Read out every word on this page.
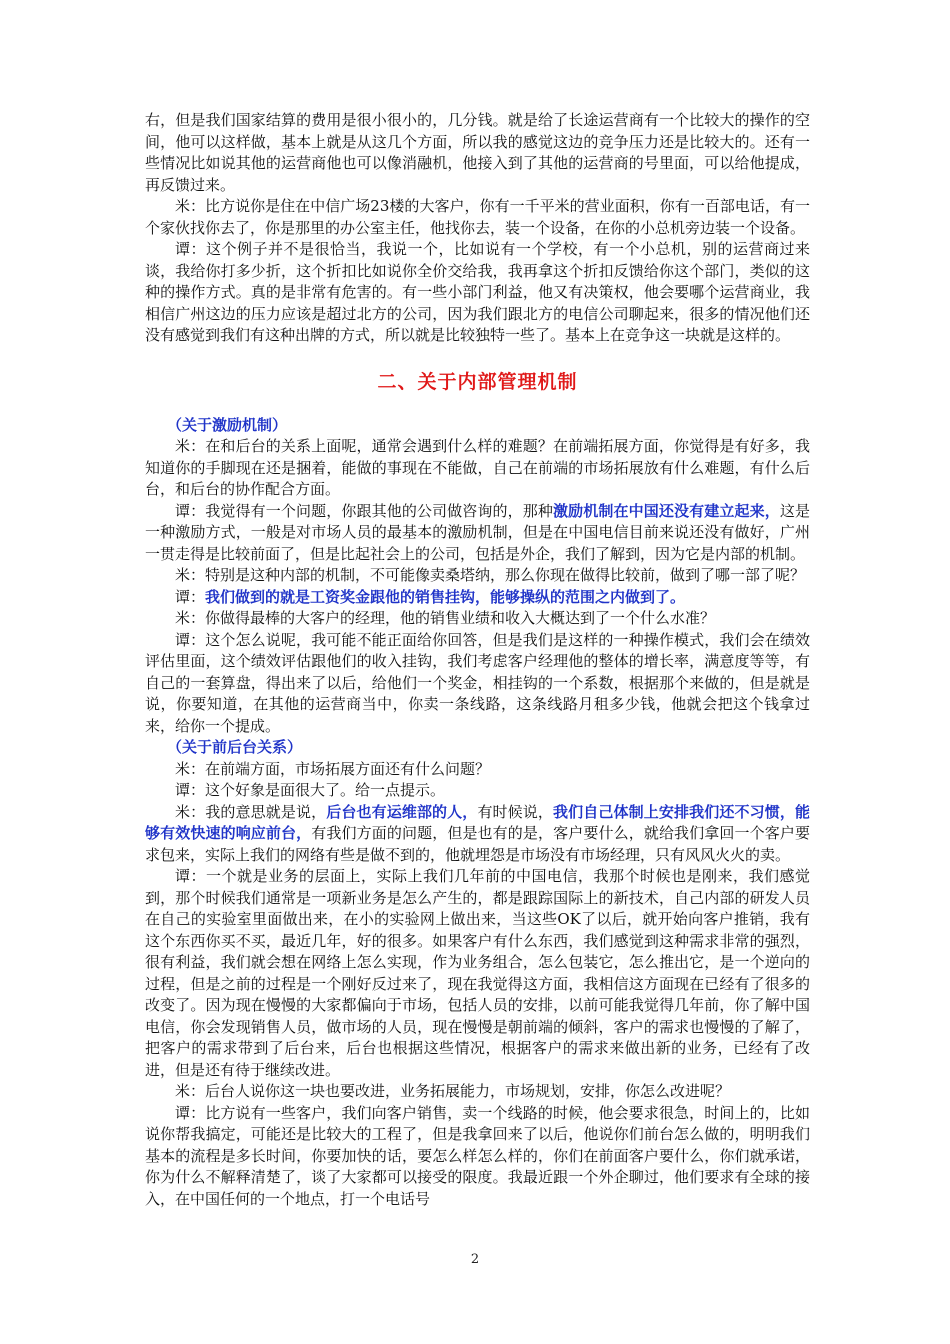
右，但是我们国家结算的费用是很小很小的，几分钱。就是给了长途运营商有一个比较大的操作的空间，他可以这样做，基本上就是从这几个方面，所以我的感觉这边的竞争压力还是比较大的。还有一些情况比如说其他的运营商他也可以像消融机，他接入到了其他的运营商的号里面，可以给他提成，再反馈过来。

米：比方说你是住在中信广场23楼的大客户，你有一千平米的营业面积，你有一百部电话，有一个家伙找你去了，你是那里的办公室主任，他找你去，装一个设备，在你的小总机旁边装一个设备。

谭：这个例子并不是很恰当，我说一个，比如说有一个学校，有一个小总机，别的运营商过来谈，我给你打多少折，这个折扣比如说你全价交给我，我再拿这个折扣反馈给你这个部门，类似的这种的操作方式。真的是非常有危害的。有一些小部门利益，他又有决策权，他会要哪个运营商业，我相信广州这边的压力应该是超过北方的公司，因为我们跟北方的电信公司聊起来，很多的情况他们还没有感觉到我们有这种出牌的方式，所以就是比较独特一些了。基本上在竞争这一块就是这样的。

二、关于内部管理机制

（关于激励机制）

米：在和后台的关系上面呢，通常会遇到什么样的难题？在前端拓展方面，你觉得是有好多，我知道你的手脚现在还是捆着，能做的事现在不能做，自己在前端的市场拓展放有什么难题，有什么后台，和后台的协作配合方面。

谭：我觉得有一个问题，你跟其他的公司做咨询的，那种激励机制在中国还没有建立起来，这是一种激励方式，一般是对市场人员的最基本的激励机制，但是在中国电信目前来说还没有做好，广州一贯走得是比较前面了，但是比起社会上的公司，包括是外企，我们了解到，因为它是内部的机制。

米：特别是这种内部的机制，不可能像卖桑塔纳，那么你现在做得比较前，做到了哪一部了呢？

谭：我们做到的就是工资奖金跟他的销售挂钩，能够操纵的范围之内做到了。

米：你做得最棒的大客户的经理，他的销售业绩和收入大概达到了一个什么水准？

谭：这个怎么说呢，我可能不能正面给你回答，但是我们是这样的一种操作模式，我们会在绩效评估里面，这个绩效评估跟他们的收入挂钩，我们考虑客户经理他的整体的增长率，满意度等等，有自己的一套算盘，得出来了以后，给他们一个奖金，相挂钩的一个系数，根据那个来做的，但是就是说，你要知道，在其他的运营商当中，你卖一条线路，这条线路月租多少钱，他就会把这个钱拿过来，给你一个提成。

（关于前后台关系）

米：在前端方面，市场拓展方面还有什么问题？

谭：这个好象是面很大了。给一点提示。

米：我的意思就是说，后台也有运维部的人，有时候说，我们自己体制上安排我们还不习惯，能够有效快速的响应前台，有我们方面的问题，但是也有的是，客户要什么，就给我们拿回一个客户要求包来，实际上我们的网络有些是做不到的，他就埋怨是市场没有市场经理，只有风风火火的卖。

谭：一个就是业务的层面上，实际上我们几年前的中国电信，我那个时候也是刚来，我们感觉到，那个时候我们通常是一项新业务是怎么产生的，都是跟踪国际上的新技术，自己内部的研发人员在自己的实验室里面做出来，在小的实验网上做出来，当这些OK了以后，就开始向客户推销，我有这个东西你买不买，最近几年，好的很多。如果客户有什么东西，我们感觉到这种需求非常的强烈，很有利益，我们就会想在网络上怎么实现，作为业务组合，怎么包装它，怎么推出它，是一个逆向的过程，但是之前的过程是一个刚好反过来了，现在我觉得这方面，我相信这方面现在已经有了很多的改变了。因为现在慢慢的大家都偏向于市场，包括人员的安排，以前可能我觉得几年前，你了解中国电信，你会发现销售人员，做市场的人员，现在慢慢是朝前端的倾斜，客户的需求也慢慢的了解了，把客户的需求带到了后台来，后台也根据这些情况，根据客户的需求来做出新的业务，已经有了改进，但是还有待于继续改进。

米：后台人说你这一块也要改进，业务拓展能力，市场规划，安排，你怎么改进呢？

谭：比方说有一些客户，我们向客户销售，卖一个线路的时候，他会要求很急，时间上的，比如说你帮我搞定，可能还是比较大的工程了，但是我拿回来了以后，他说你们前台怎么做的，明明我们基本的流程是多长时间，你要加快的话，要怎么样怎么样的，你们在前面客户要什么，你们就承诺，你为什么不解释清楚了，谈了大家都可以接受的限度。我最近跟一个外企聊过，他们要求有全球的接入，在中国任何的一个地点，打一个电话号

2
